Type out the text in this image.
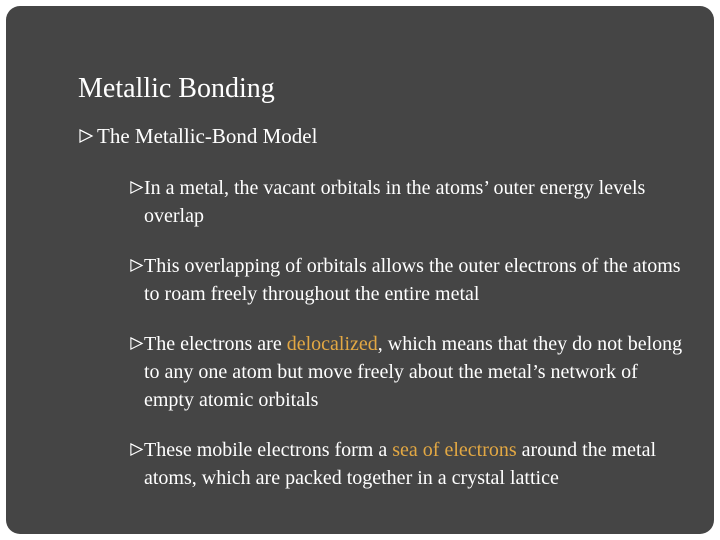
Metallic Bonding
The Metallic-Bond Model
In a metal, the vacant orbitals in the atoms’ outer energy levels overlap
This overlapping of orbitals allows the outer electrons of the atoms to roam freely throughout the entire metal
The electrons are delocalized, which means that they do not belong to any one atom but move freely about the metal’s network of empty atomic orbitals
These mobile electrons form a sea of electrons around the metal atoms, which are packed together in a crystal lattice
